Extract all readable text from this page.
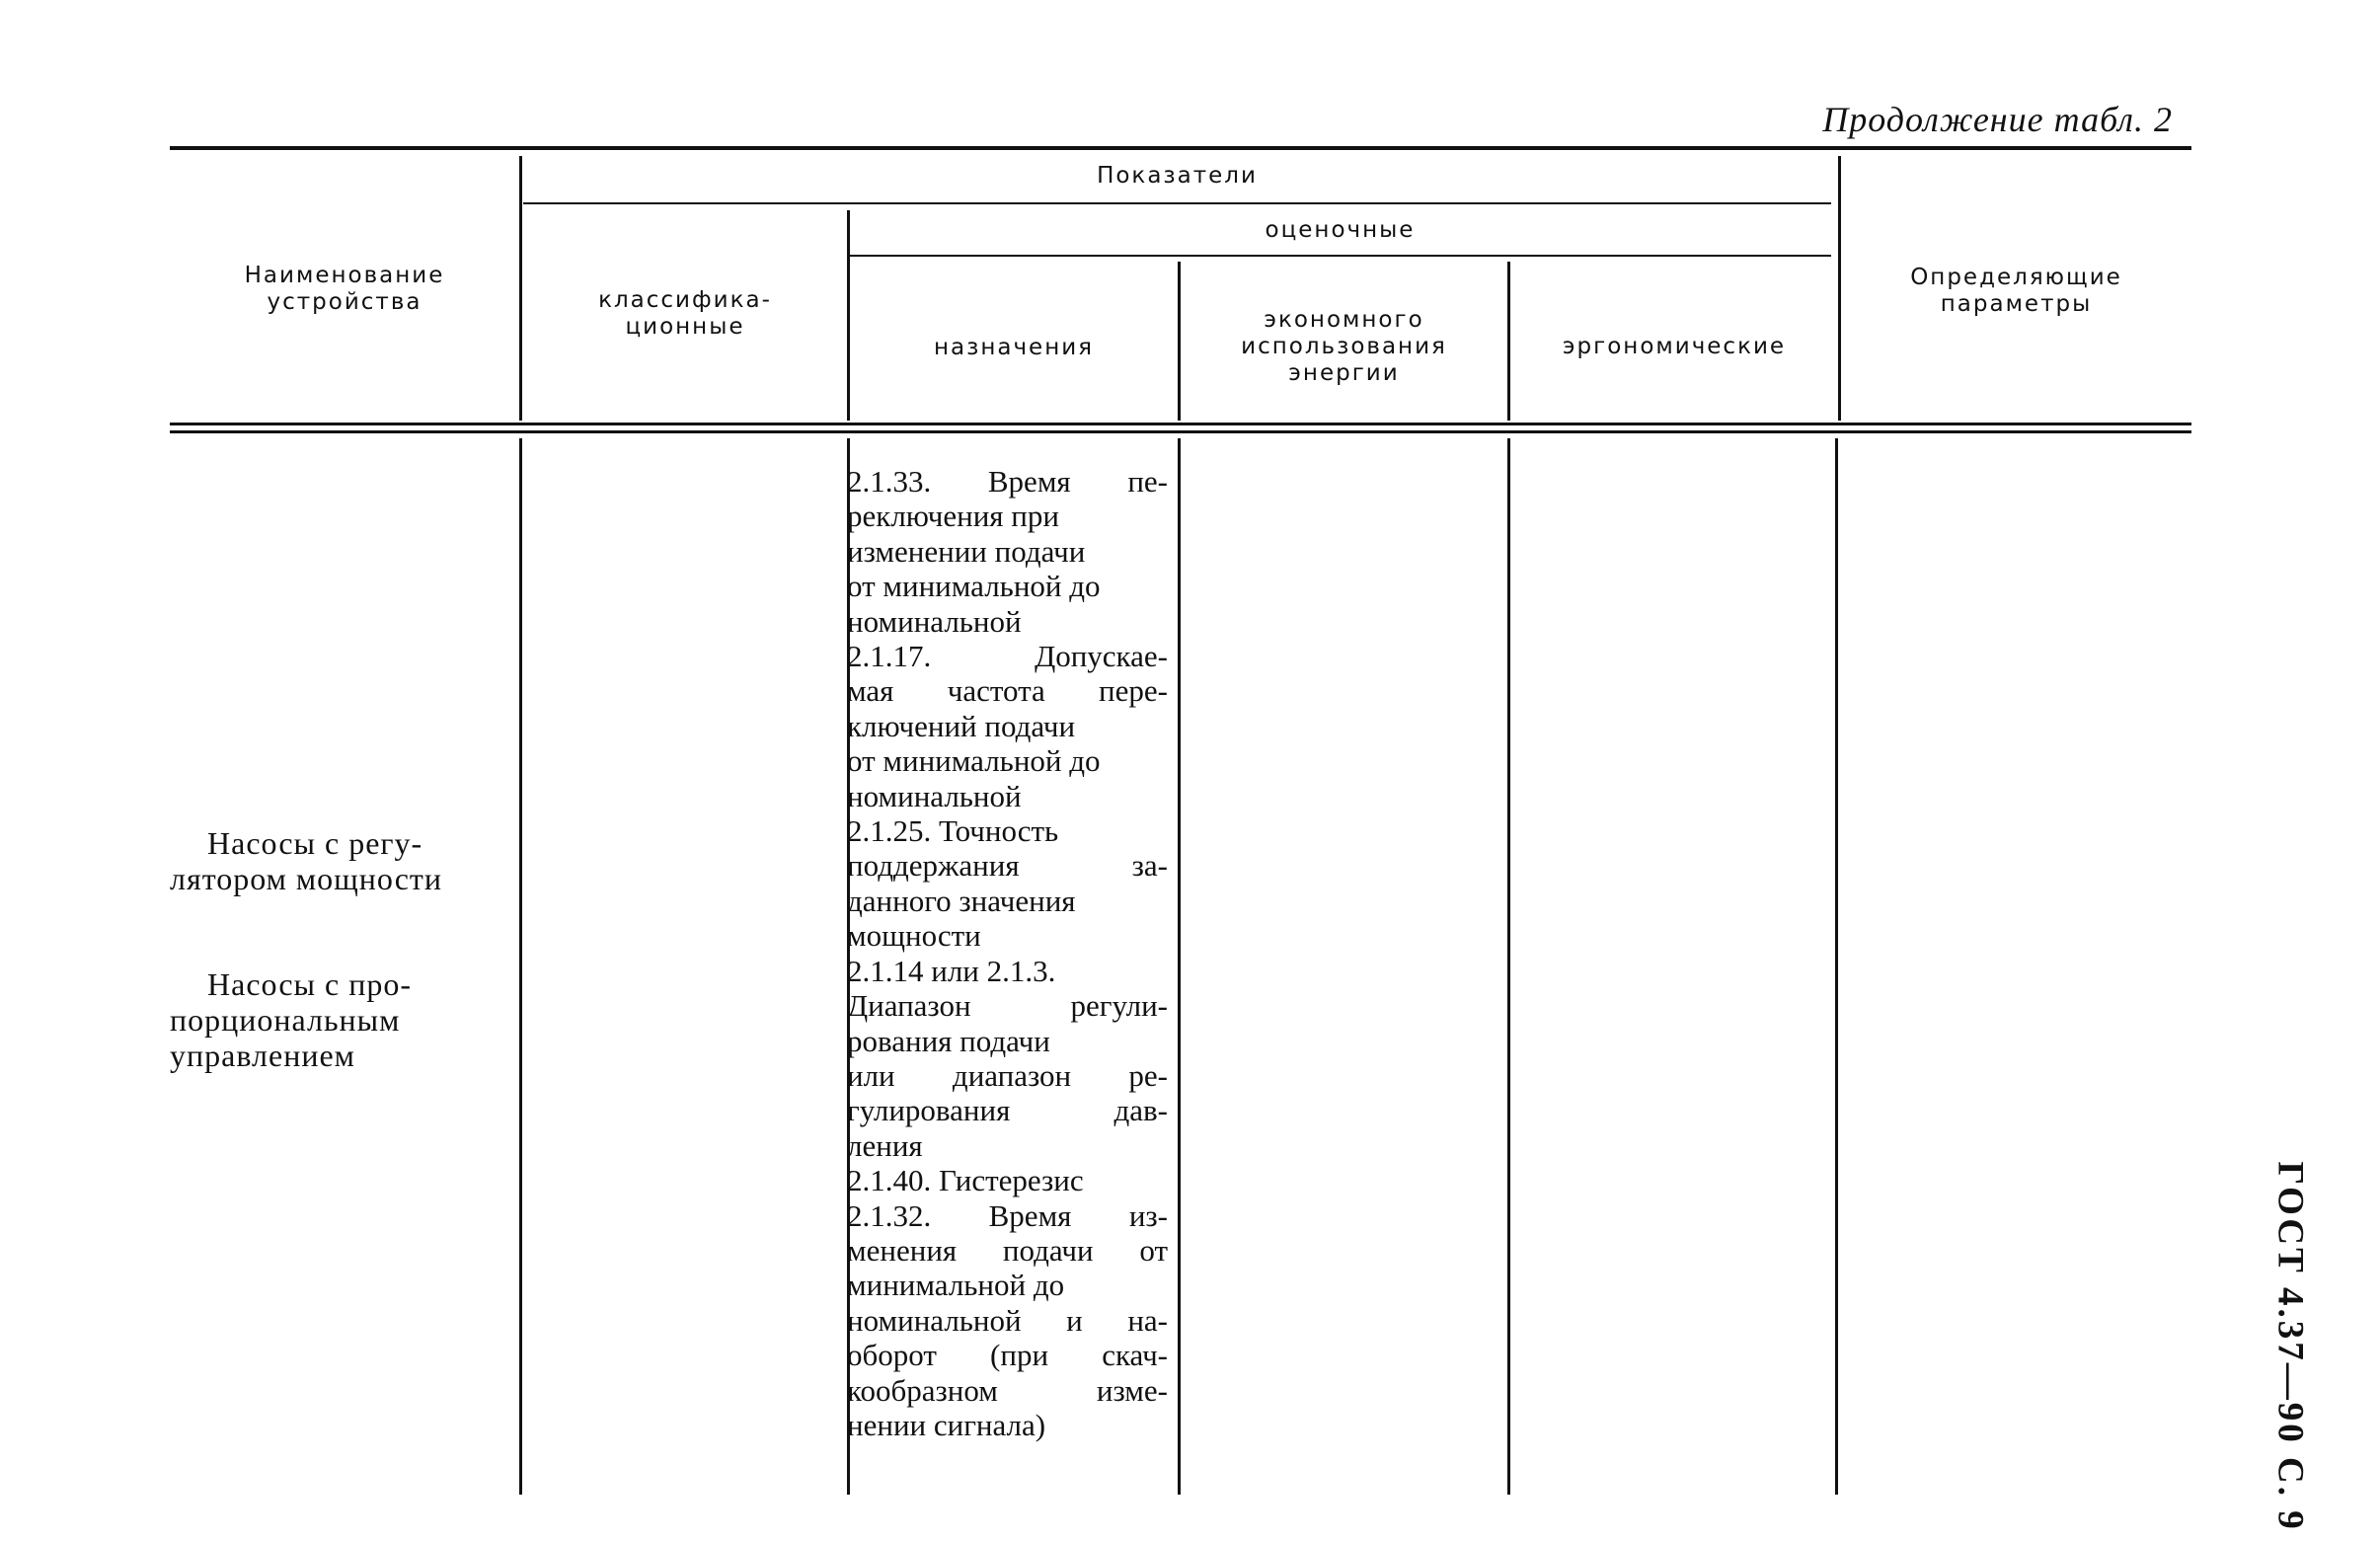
Продолжение табл. 2
Наименование
устройства
Показатели
классифика-
ционные
оценочные
назначения
экономного
использования
энергии
эргономические
Определяющие
параметры
Насосы с регу-
лятором мощности
Насосы с про-
порциональным
управлением
2.1.33. Время пе-
реключения при
изменении подачи
от минимальной до
номинальной
2.1.17. Допускае-
мая частота пере-
ключений подачи
от минимальной до
номинальной
2.1.25. Точность
поддержания за-
данного значения
мощности
2.1.14 или 2.1.3.
Диапазон регули-
рования подачи
или диапазон ре-
гулирования дав-
ления
2.1.40. Гистерезис
2.1.32. Время из-
менения подачи от
минимальной до
номинальной и на-
оборот (при скач-
кообразном изме-
нении сигнала)	ГОСТ 4.37—90 С. 9
